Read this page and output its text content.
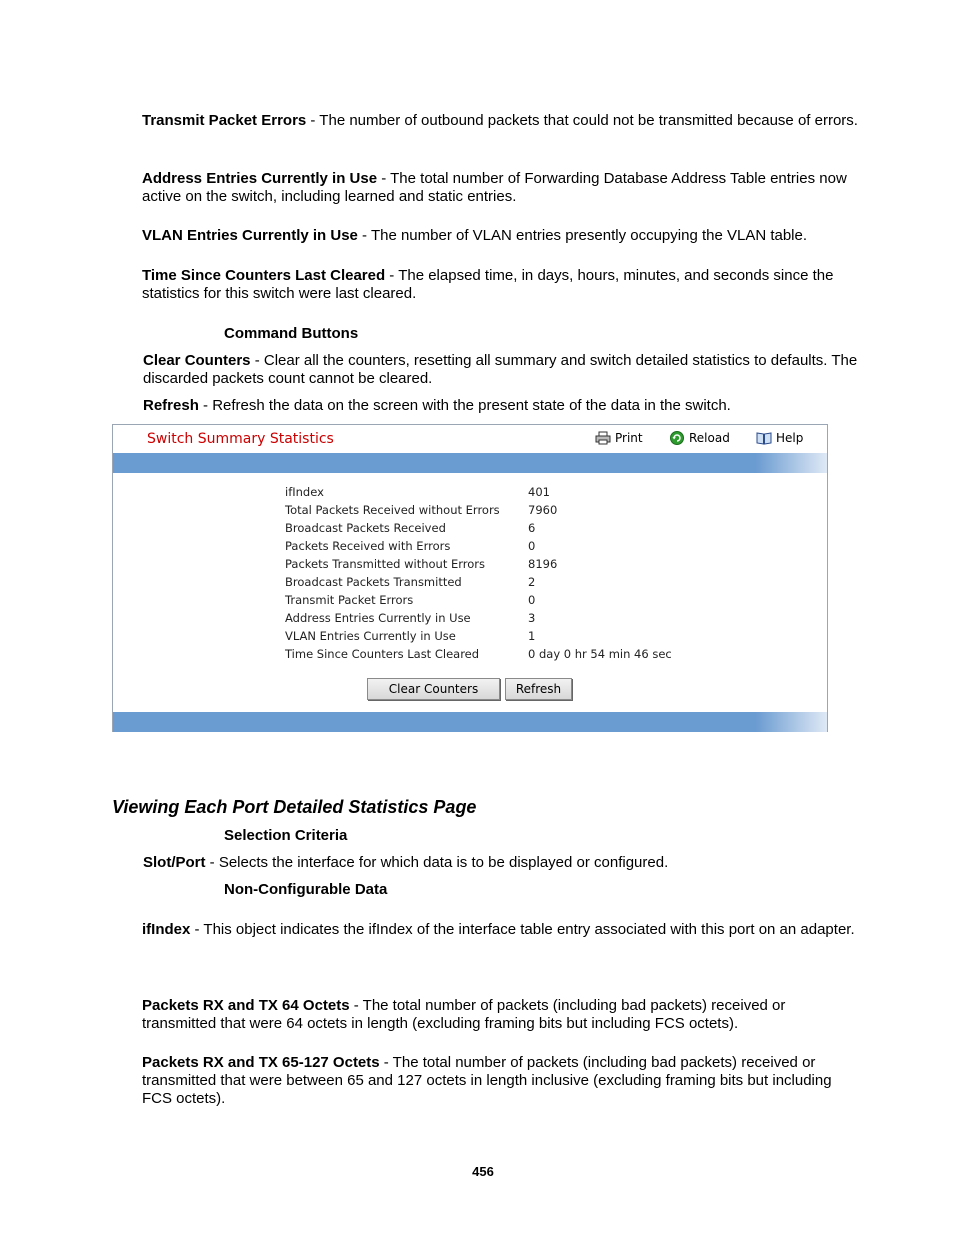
Transmit Packet Errors - The number of outbound packets that could not be transmitted because of errors.
Address Entries Currently in Use - The total number of Forwarding Database Address Table entries now active on the switch, including learned and static entries.
VLAN Entries Currently in Use - The number of VLAN entries presently occupying the VLAN table.
Time Since Counters Last Cleared - The elapsed time, in days, hours, minutes, and seconds since the statistics for this switch were last cleared.
Command Buttons
Clear Counters - Clear all the counters, resetting all summary and switch detailed statistics to defaults. The discarded packets count cannot be cleared.
Refresh - Refresh the data on the screen with the present state of the data in the switch.
Switch Summary Statistics	Print	Reload	Help
ifIndex	401
Total Packets Received without Errors	7960
Broadcast Packets Received	6
Packets Received with Errors	0
Packets Transmitted without Errors	8196
Broadcast Packets Transmitted	2
Transmit Packet Errors	0
Address Entries Currently in Use	3
VLAN Entries Currently in Use	1
Time Since Counters Last Cleared	0 day 0 hr 54 min 46 sec
Clear Counters	Refresh
Viewing Each Port Detailed Statistics Page
Selection Criteria
Slot/Port - Selects the interface for which data is to be displayed or configured.
Non-Configurable Data
ifIndex - This object indicates the ifIndex of the interface table entry associated with this port on an adapter.
Packets RX and TX 64 Octets - The total number of packets (including bad packets) received or transmitted that were 64 octets in length (excluding framing bits but including FCS octets).
Packets RX and TX 65-127 Octets - The total number of packets (including bad packets) received or transmitted that were between 65 and 127 octets in length inclusive (excluding framing bits but including FCS octets).
456
